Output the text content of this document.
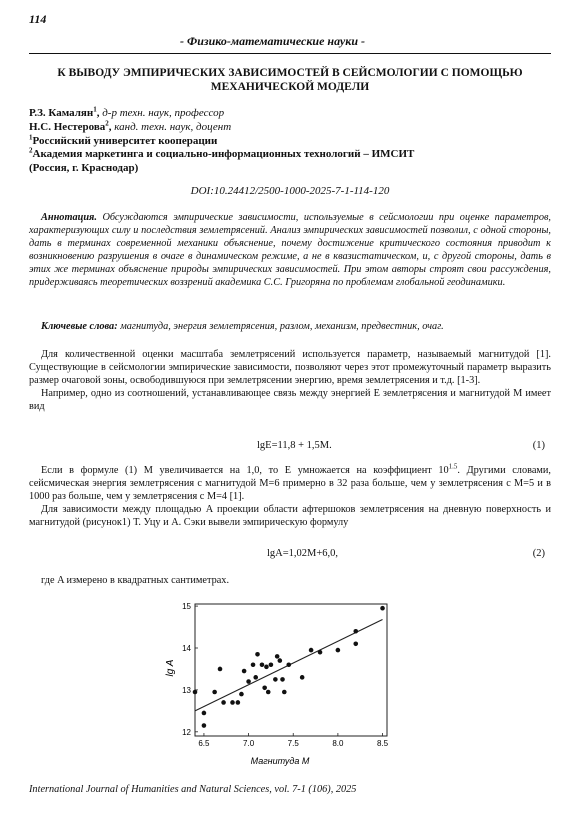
114
- Физико-математические науки -
К ВЫВОДУ ЭМПИРИЧЕСКИХ ЗАВИСИМОСТЕЙ В СЕЙСМОЛОГИИ С ПОМОЩЬЮ МЕХАНИЧЕСКОЙ МОДЕЛИ
Р.З. Камалян$^1$, д-р техн. наук, профессор
Н.С. Нестерова$^2$, канд. техн. наук, доцент
$^1$Российский университет кооперации
$^2$Академия маркетинга и социально-информационных технологий – ИМСИТ
(Россия, г. Краснодар)
DOI:10.24412/2500-1000-2025-7-1-114-120
Аннотация. Обсуждаются эмпирические зависимости, используемые в сейсмологии при оценке параметров, характеризующих силу и последствия землетрясений. Анализ эмпирических зависимостей позволил, с одной стороны, дать в терминах современной механики объяснение, почему достижение критического состояния приводит к возникновению разрушения в очаге в динамическом режиме, а не в квазистатическом, и, с другой стороны, дать в этих же терминах объяснение природы эмпирических зависимостей. При этом авторы строят свои рассуждения, придерживаясь теоретических воззрений академика С.С. Григоряна по проблемам глобальной геодинамики.
Ключевые слова: магнитуда, энергия землетрясения, разлом, механизм, предвестник, очаг.

Для количественной оценки масштаба землетрясений используется параметр, называемый магнитудой [1]. Существующие в сейсмологии эмпирические зависимости, позволяют через этот промежуточный параметр выразить размер очаговой зоны, освободившуюся при землетрясении энергию, время землетрясения и т.д. [1-3].

Например, одно из соотношений, устанавливающее связь между энергией E землетрясения и магнитудой M имеет вид

lgE=11,8 + 1,5M.	(1)

Если в формуле (1) M увеличивается на 1,0, то E умножается на коэффициент $10^{1.5}$. Другими словами, сейсмическая энергия землетрясения с магнитудой M=6 примерно в 32 раза больше, чем у землетрясения с M=5 и в 1000 раз больше, чем у землетрясения с M=4 [1].

Для зависимости между площадью A проекции области афтершоков землетрясения на дневную поверхность и магнитудой (рисунок1) Т. Уцу и А. Сэки вывели эмпирическую формулу

lgA=1,02M+6,0,	(2)

где A измерено в квадратных сантиметрах.

6.5	7.0	7.5	8.0	8.5
12
13
14
15
Магнитуда M
lg A
International Journal of Humanities and Natural Sciences, vol. 7-1 (106), 2025
